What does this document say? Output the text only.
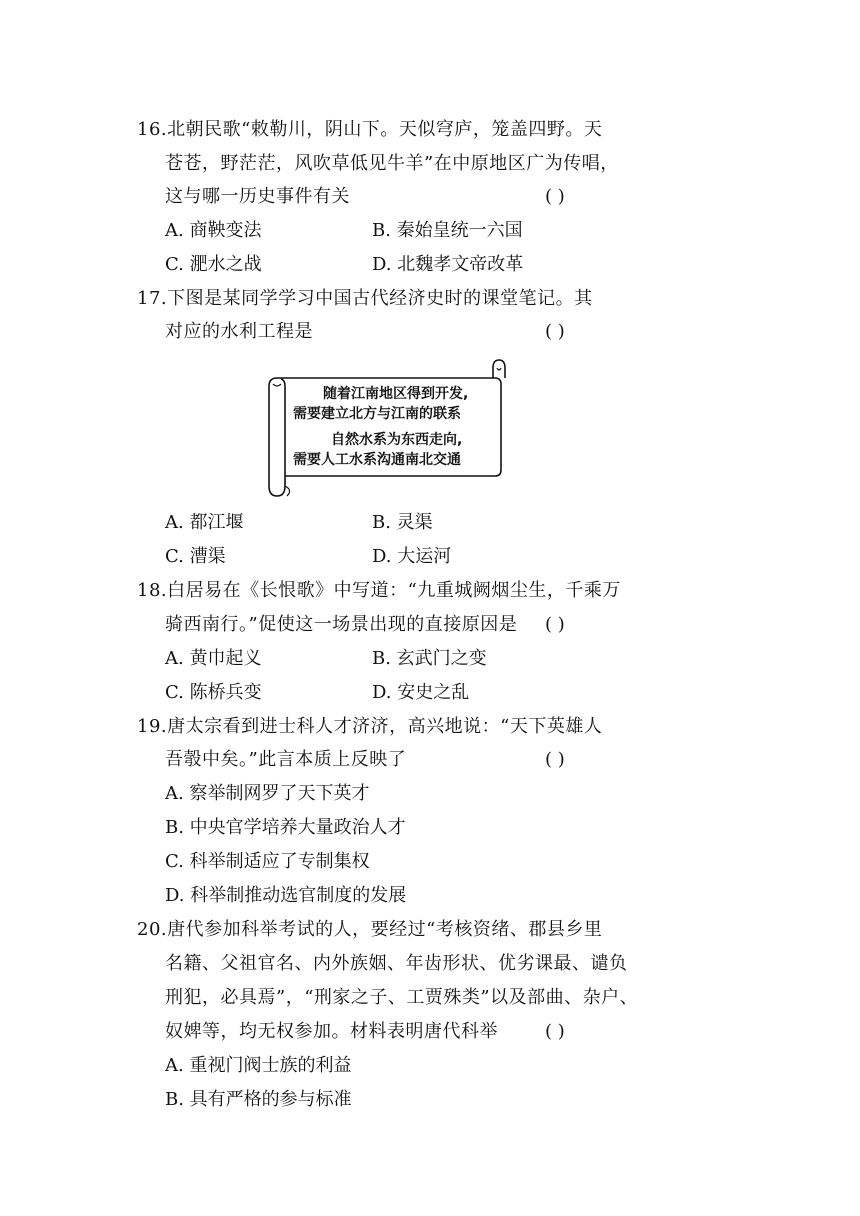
16.北朝民歌“敕勒川，阴山下。天似穹庐，笼盖四野。天
苍苍，野茫茫，风吹草低见牛羊”在中原地区广为传唱，
这与哪一历史事件有关	( )
A. 商鞅变法	B. 秦始皇统一六国
C. 淝水之战	D. 北魏孝文帝改革
17.下图是某同学学习中国古代经济史时的课堂笔记。其
对应的水利工程是	( )
随着江南地区得到开发,
需要建立北方与江南的联系
自然水系为东西走向,
需要人工水系沟通南北交通
A. 都江堰	B. 灵渠
C. 漕渠	D. 大运河
18.白居易在《长恨歌》中写道：“九重城阙烟尘生，千乘万
骑西南行。”促使这一场景出现的直接原因是 ( )
A. 黄巾起义	B. 玄武门之变
C. 陈桥兵变	D. 安史之乱
19.唐太宗看到进士科人才济济，高兴地说：“天下英雄人
吾彀中矣。”此言本质上反映了	( )
A. 察举制网罗了天下英才
B. 中央官学培养大量政治人才
C. 科举制适应了专制集权
D. 科举制推动选官制度的发展
20.唐代参加科举考试的人，要经过“考核资绪、郡县乡里
名籍、父祖官名、内外族姻、年齿形状、优劣课最、谴负
刑犯，必具焉”，“刑家之子、工贾殊类”以及部曲、杂户、
奴婢等，均无权参加。材料表明唐代科举	( )
A. 重视门阀士族的利益
B. 具有严格的参与标准
